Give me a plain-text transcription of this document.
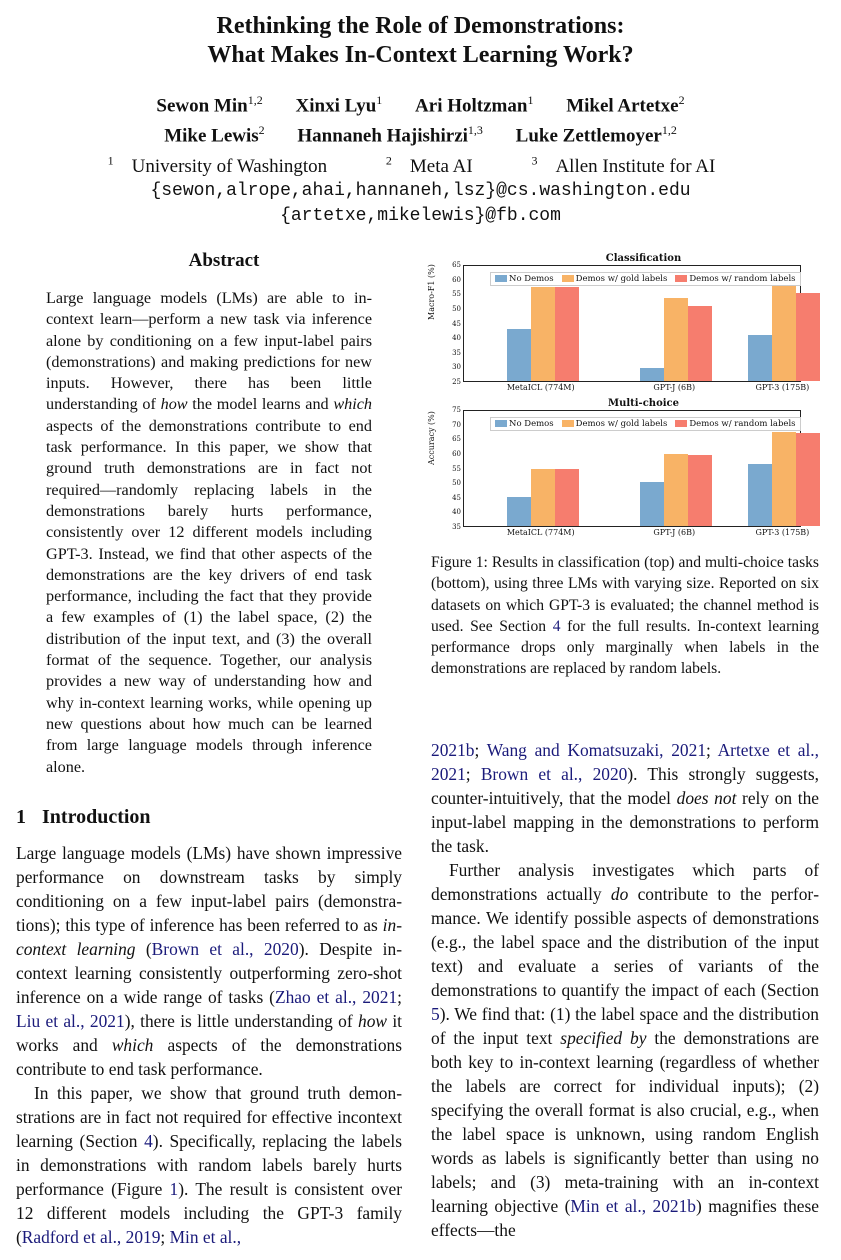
Rethinking the Role of Demonstrations:
What Makes In-Context Learning Work?
Sewon Min$^{1,2}$ Xinxi Lyu$^1$ Ari Holtzman$^1$ Mikel Artetxe$^2$
Mike Lewis$^2$ Hannaneh Hajishirzi$^{1,3}$ Luke Zettlemoyer$^{1,2}$
$^1$ University of Washington	$^2$ Meta AI	$^3$ Allen Institute for AI
{sewon,alrope,ahai,hannaneh,lsz}@cs.washington.edu
{artetxe,mikelewis}@fb.com
Abstract
Large language models (LMs) are able to incontext learn—perform a new task via inference alone by conditioning on a few input-label pairs (demonstrations) and making predictions for new inputs. However, there has been little understanding of how the model learns and which aspects of the demonstrations contribute to end task performance. In this paper, we show that ground truth demonstrations are in fact not required—randomly replacing labels in the demonstrations barely hurts performance, consistently over 12 different models including GPT-3. Instead, we find that other aspects of the demonstrations are the key drivers of end task performance, including the fact that they provide a few examples of (1) the label space, (2) the distribution of the input text, and (3) the overall format of the sequence. Together, our analysis provides a new way of understanding how and why in-context learning works, while opening up new questions about how much can be learned from large language models through inference alone.
1 Introduction
Large language models (LMs) have shown impressive performance on downstream tasks by simply conditioning on a few input-label pairs (demonstrations); this type of inference has been referred to as in-context learning (Brown et al., 2020). Despite incontext learning consistently outperforming zero-shot inference on a wide range of tasks (Zhao et al., 2021; Liu et al., 2021), there is little understanding of how it works and which aspects of the demonstrations contribute to end task performance.
In this paper, we show that ground truth demonstrations are in fact not required for effective incontext learning (Section 4). Specifically, replacing the labels in demonstrations with random labels barely hurts performance (Figure 1). The result is consistent over 12 different models including the GPT-3 family (Radford et al., 2019; Min et al.,
Classification
Macro-F1 (%)
25
30
35
40
45
50
55
60
65
No Demos	Demos w/ gold labels	Demos w/ random labels
MetaICL (774M)	GPT-J (6B)	GPT-3 (175B)
Multi-choice
Accuracy (%)
35
40
45
50
55
60
65
70
75
No Demos	Demos w/ gold labels	Demos w/ random labels
MetaICL (774M)	GPT-J (6B)	GPT-3 (175B)
Figure 1: Results in classification (top) and multi-choice tasks (bottom), using three LMs with varying size. Reported on six datasets on which GPT-3 is evaluated; the channel method is used. See Section 4 for the full results. In-context learning performance drops only marginally when labels in the demonstrations are replaced by random labels.
2021b; Wang and Komatsuzaki, 2021; Artetxe et al., 2021; Brown et al., 2020). This strongly suggests, counter-intuitively, that the model does not rely on the input-label mapping in the demonstrations to perform the task.
Further analysis investigates which parts of demonstrations actually do contribute to the performance. We identify possible aspects of demonstrations (e.g., the label space and the distribution of the input text) and evaluate a series of variants of the demonstrations to quantify the impact of each (Section 5). We find that: (1) the label space and the distribution of the input text specified by the demonstrations are both key to in-context learning (regardless of whether the labels are correct for individual inputs); (2) specifying the overall format is also crucial, e.g., when the label space is unknown, using random English words as labels is significantly better than using no labels; and (3) meta-training with an in-context learning objective (Min et al., 2021b) magnifies these effects—the
